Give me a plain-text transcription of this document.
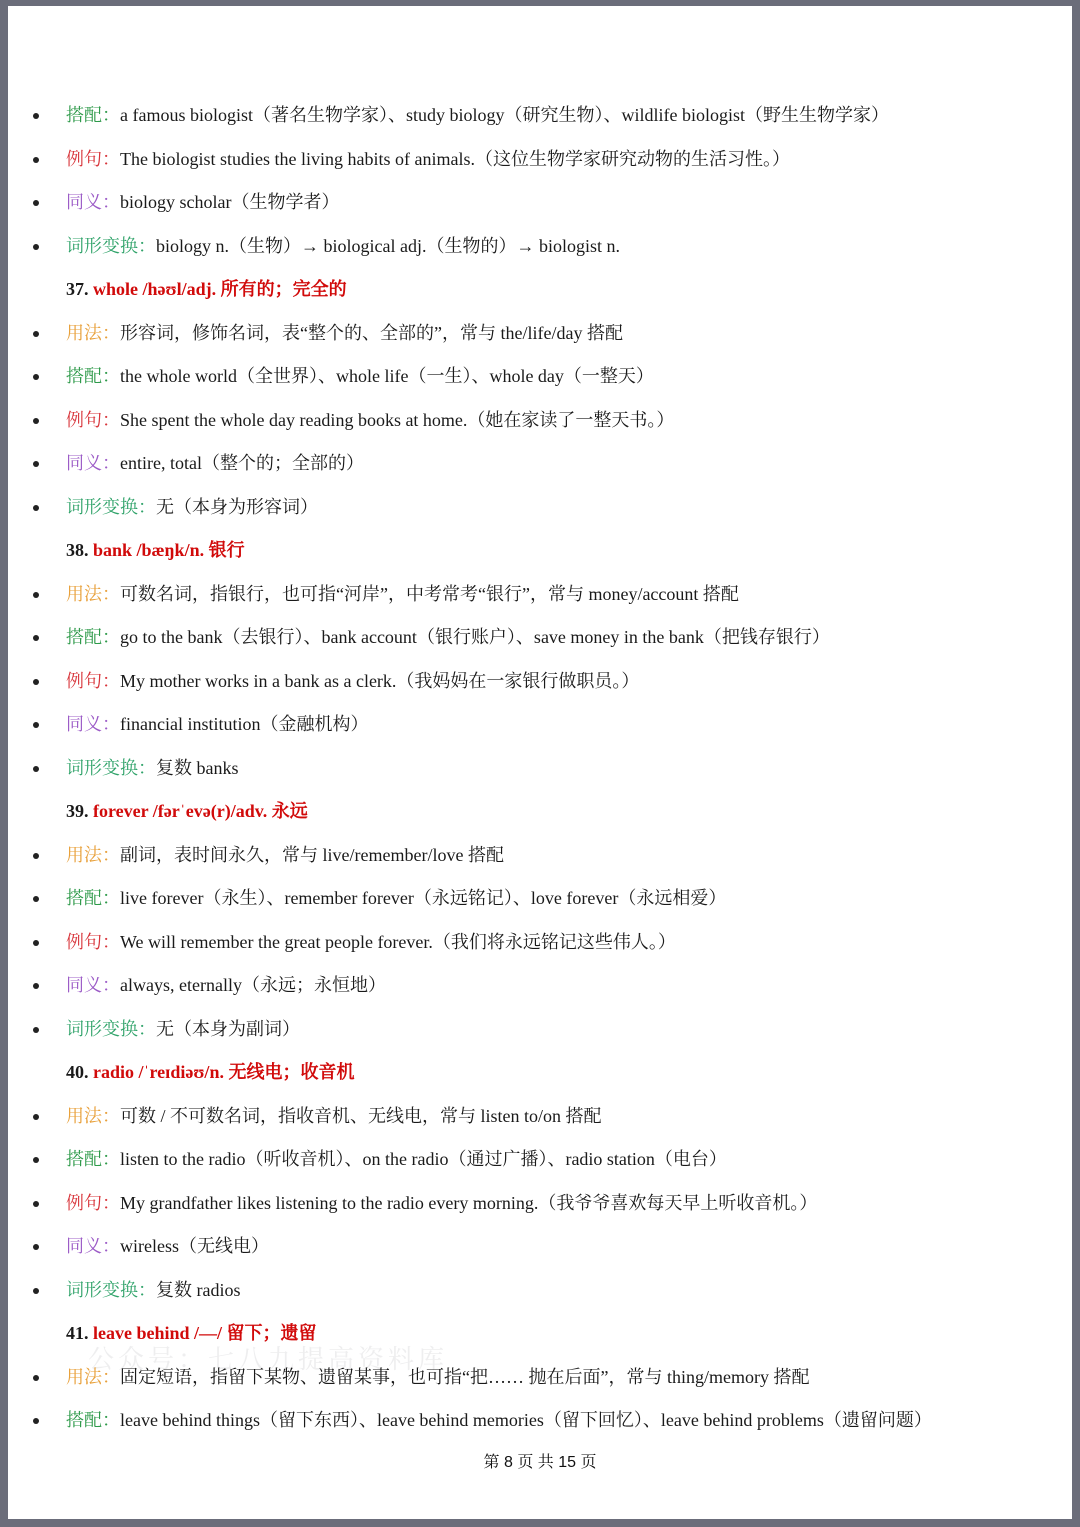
公众号：七八九提高资料库
搭配：a famous biologist（著名生物学家）、study biology（研究生物）、wildlife biologist（野生生物学家）
例句：The biologist studies the living habits of animals.（这位生物学家研究动物的生活习性。）
同义：biology scholar（生物学者）
词形变换：biology n.（生物）→ biological adj.（生物的）→ biologist n.
37. whole /həʊl/adj. 所有的；完全的
用法：形容词，修饰名词，表“整个的、全部的”，常与 the/life/day 搭配
搭配：the whole world（全世界）、whole life（一生）、whole day（一整天）
例句：She spent the whole day reading books at home.（她在家读了一整天书。）
同义：entire, total（整个的；全部的）
词形变换：无（本身为形容词）
38. bank /bæŋk/n. 银行
用法：可数名词，指银行，也可指“河岸”，中考常考“银行”，常与 money/account 搭配
搭配：go to the bank（去银行）、bank account（银行账户）、save money in the bank（把钱存银行）
例句：My mother works in a bank as a clerk.（我妈妈在一家银行做职员。）
同义：financial institution（金融机构）
词形变换：复数 banks
39. forever /fərˈevə(r)/adv. 永远
用法：副词，表时间永久，常与 live/remember/love 搭配
搭配：live forever（永生）、remember forever（永远铭记）、love forever（永远相爱）
例句：We will remember the great people forever.（我们将永远铭记这些伟人。）
同义：always, eternally（永远；永恒地）
词形变换：无（本身为副词）
40. radio /ˈreɪdiəʊ/n. 无线电；收音机
用法：可数 / 不可数名词，指收音机、无线电，常与 listen to/on 搭配
搭配：listen to the radio（听收音机）、on the radio（通过广播）、radio station（电台）
例句：My grandfather likes listening to the radio every morning.（我爷爷喜欢每天早上听收音机。）
同义：wireless（无线电）
词形变换：复数 radios
41. leave behind /—/ 留下；遗留
用法：固定短语，指留下某物、遗留某事，也可指“把…… 抛在后面”，常与 thing/memory 搭配
搭配：leave behind things（留下东西）、leave behind memories（留下回忆）、leave behind problems（遗留问题）
第 8 页 共 15 页
